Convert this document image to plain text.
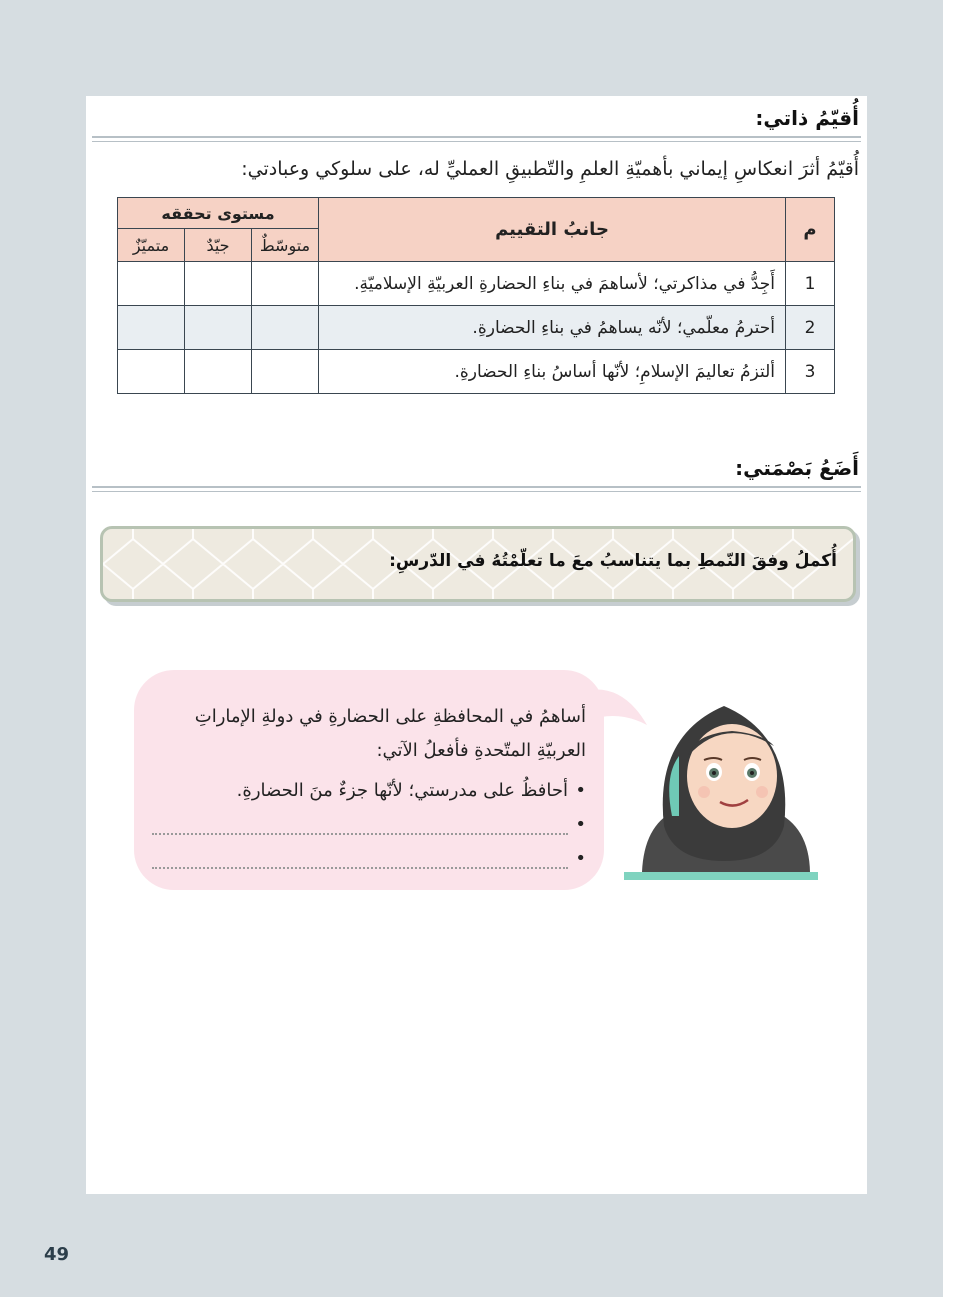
أُقيّمُ ذاتي:
أُقيّمُ أثرَ انعكاسِ إيماني بأهميّةِ العلمِ والتّطبيقِ العمليِّ له، على سلوكي وعبادتي:
م	جانبُ التقييم	مستوى تحققه		
		متوسّطٌ	جيّدٌ	متميّزٌ
1	أَجِدُّ في مذاكرتي؛ لأساهمَ في بناءِ الحضارةِ العربيّةِ الإسلاميّةِ.			
2	أحترمُ معلّمي؛ لأنّه يساهمُ في بناءِ الحضارةِ.			
3	ألتزمُ تعاليمَ الإسلامِ؛ لأنّها أساسُ بناءِ الحضارةِ.			
أَضَعُ بَصْمَتي:
أُكملُ وفقَ النّمطِ بما يتناسبُ معَ ما تعلّمْتُهُ في الدّرسِ:
أساهمُ في المحافظةِ على الحضارةِ في دولةِ الإماراتِ العربيّةِ المتّحدةِ فأفعلُ الآتي:
• أحافظُ على مدرستي؛ لأنّها جزءٌ منَ الحضارةِ.
•
•
49
